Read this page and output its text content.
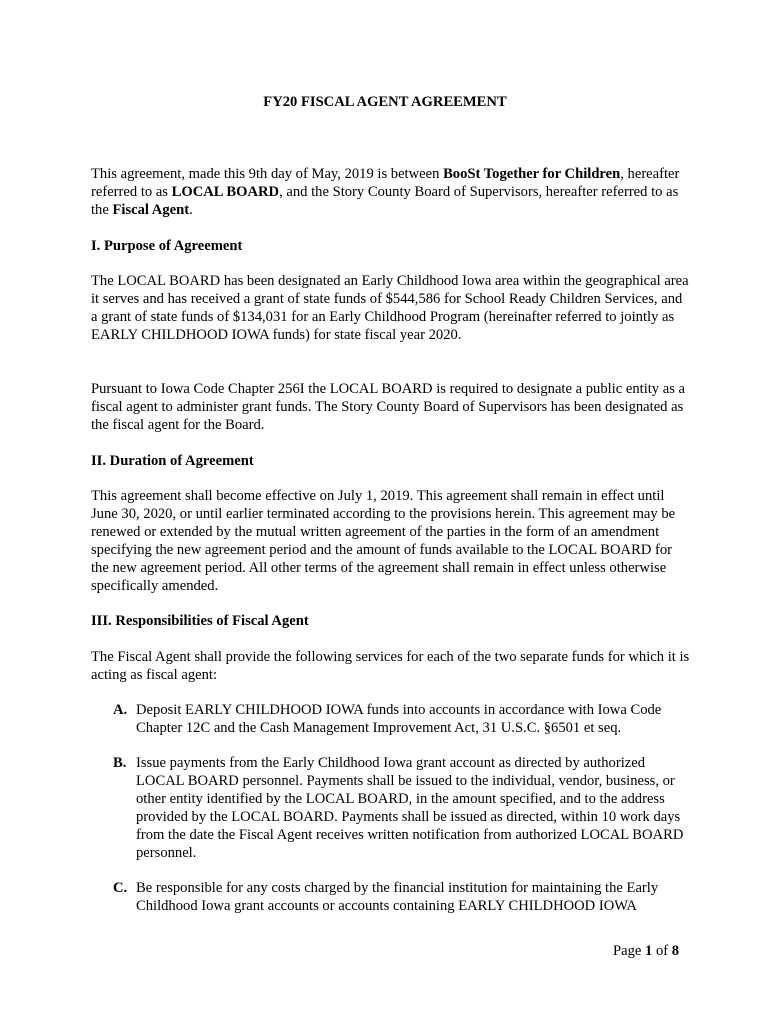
FY20 FISCAL AGENT AGREEMENT

This agreement, made this 9th day of May, 2019 is between BooSt Together for Children, hereafter referred to as LOCAL BOARD, and the Story County Board of Supervisors, hereafter referred to as the Fiscal Agent.

I. Purpose of Agreement

The LOCAL BOARD has been designated an Early Childhood Iowa area within the geographical area it serves and has received a grant of state funds of $544,586 for School Ready Children Services, and a grant of state funds of $134,031 for an Early Childhood Program (hereinafter referred to jointly as EARLY CHILDHOOD IOWA funds) for state fiscal year 2020.

Pursuant to Iowa Code Chapter 256I the LOCAL BOARD is required to designate a public entity as a fiscal agent to administer grant funds. The Story County Board of Supervisors has been designated as the fiscal agent for the Board.

II. Duration of Agreement

This agreement shall become effective on July 1, 2019. This agreement shall remain in effect until June 30, 2020, or until earlier terminated according to the provisions herein. This agreement may be renewed or extended by the mutual written agreement of the parties in the form of an amendment specifying the new agreement period and the amount of funds available to the LOCAL BOARD for the new agreement period. All other terms of the agreement shall remain in effect unless otherwise specifically amended.

III. Responsibilities of Fiscal Agent

The Fiscal Agent shall provide the following services for each of the two separate funds for which it is acting as fiscal agent:

A. Deposit EARLY CHILDHOOD IOWA funds into accounts in accordance with Iowa Code Chapter 12C and the Cash Management Improvement Act, 31 U.S.C. §6501 et seq.
B. Issue payments from the Early Childhood Iowa grant account as directed by authorized LOCAL BOARD personnel. Payments shall be issued to the individual, vendor, business, or other entity identified by the LOCAL BOARD, in the amount specified, and to the address provided by the LOCAL BOARD. Payments shall be issued as directed, within 10 work days from the date the Fiscal Agent receives written notification from authorized LOCAL BOARD personnel.
C. Be responsible for any costs charged by the financial institution for maintaining the Early Childhood Iowa grant accounts or accounts containing EARLY CHILDHOOD IOWA
Page 1 of 8
